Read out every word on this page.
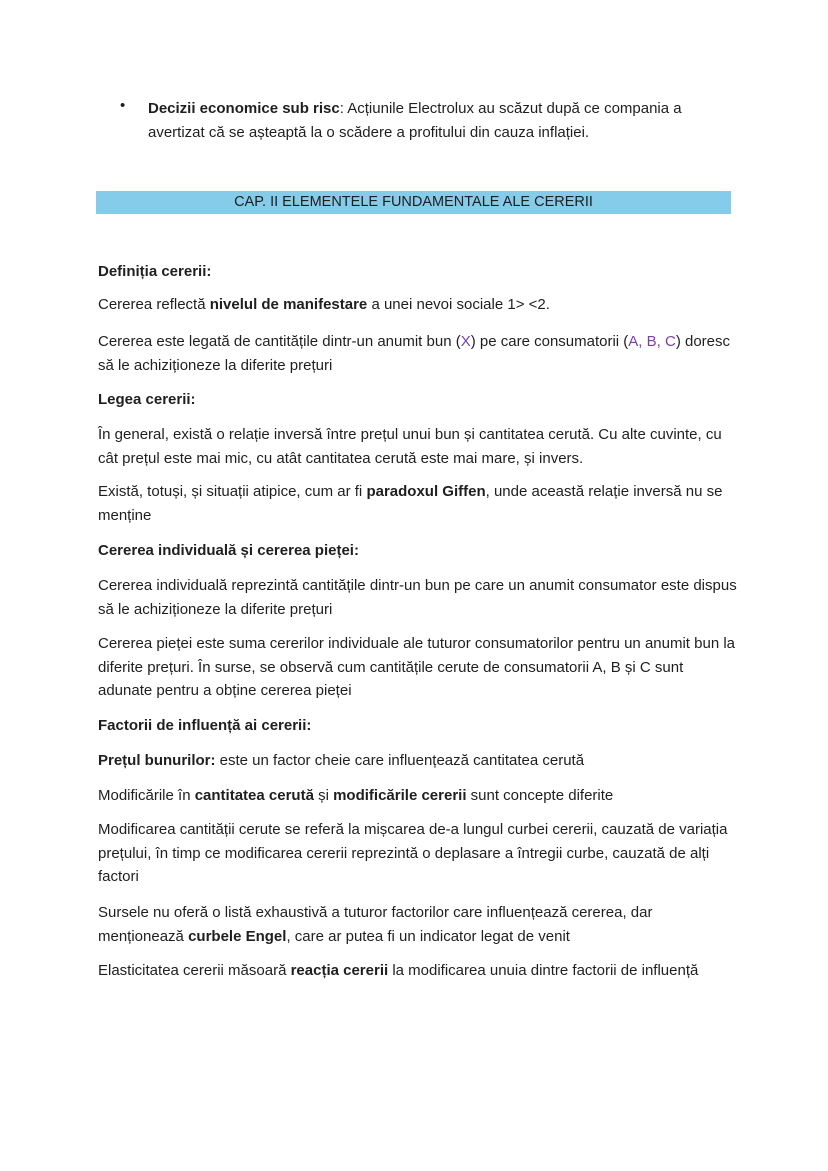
• Decizii economice sub risc: Acțiunile Electrolux au scăzut după ce compania a avertizat că se așteaptă la o scădere a profitului din cauza inflației.
CAP. II ELEMENTELE FUNDAMENTALE ALE CERERII

Definiția cererii:

Cererea reflectă nivelul de manifestare a unei nevoi sociale 1> <2.

Cererea este legată de cantitățile dintr-un anumit bun (X) pe care consumatorii (A, B, C) doresc să le achiziționeze la diferite prețuri

Legea cererii:

În general, există o relație inversă între prețul unui bun și cantitatea cerută. Cu alte cuvinte, cu cât prețul este mai mic, cu atât cantitatea cerută este mai mare, și invers.

Există, totuși, și situații atipice, cum ar fi paradoxul Giffen, unde această relație inversă nu se menține

Cererea individuală și cererea pieței:

Cererea individuală reprezintă cantitățile dintr-un bun pe care un anumit consumator este dispus să le achiziționeze la diferite prețuri

Cererea pieței este suma cererilor individuale ale tuturor consumatorilor pentru un anumit bun la diferite prețuri. În surse, se observă cum cantitățile cerute de consumatorii A, B și C sunt adunate pentru a obține cererea pieței

Factorii de influență ai cererii:

Prețul bunurilor: este un factor cheie care influențează cantitatea cerută

Modificările în cantitatea cerută și modificările cererii sunt concepte diferite

Modificarea cantității cerute se referă la mișcarea de-a lungul curbei cererii, cauzată de variația prețului, în timp ce modificarea cererii reprezintă o deplasare a întregii curbe, cauzată de alți factori

Sursele nu oferă o listă exhaustivă a tuturor factorilor care influențează cererea, dar menționează curbele Engel, care ar putea fi un indicator legat de venit

Elasticitatea cererii măsoară reacția cererii la modificarea unuia dintre factorii de influență
